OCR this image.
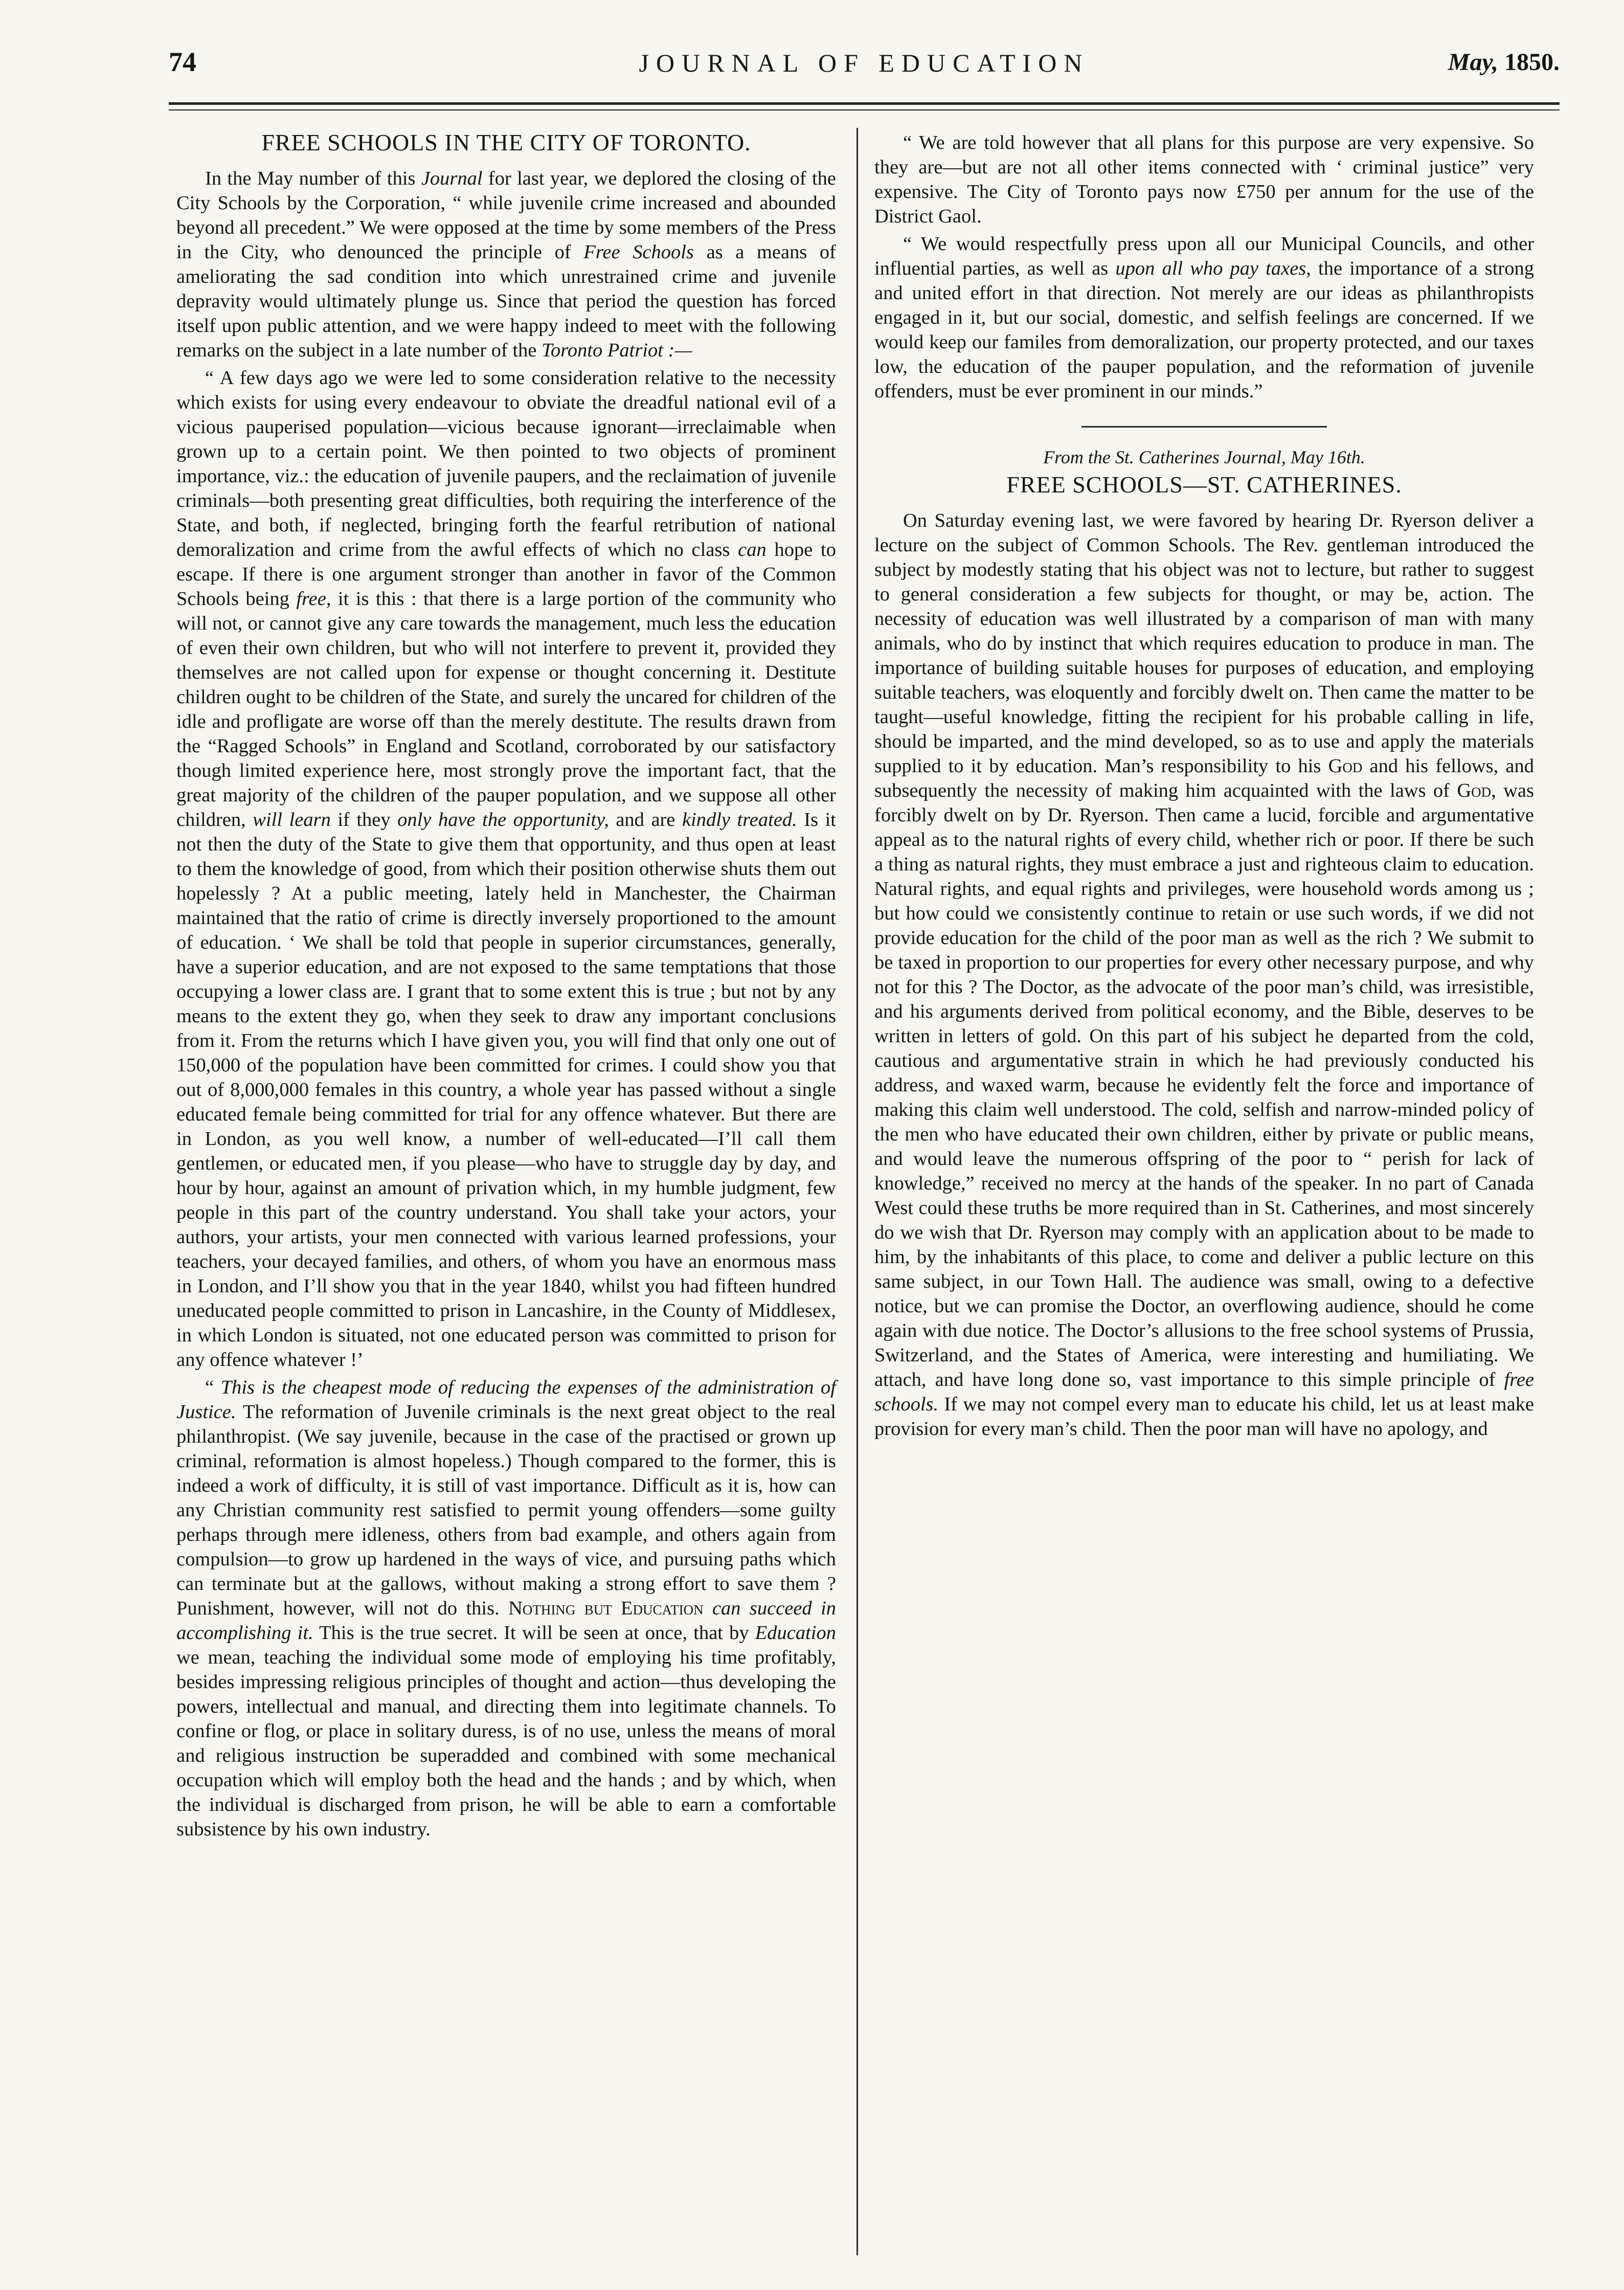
74	JOURNAL OF EDUCATION	May, 1850.
FREE SCHOOLS IN THE CITY OF TORONTO.

In the May number of this Journal for last year, we deplored the closing of the City Schools by the Corporation, “ while juvenile crime increased and abounded beyond all precedent.” We were opposed at the time by some members of the Press in the City, who denounced the principle of Free Schools as a means of ameliorating the sad condition into which unrestrained crime and juvenile depravity would ultimately plunge us. Since that period the question has forced itself upon public attention, and we were happy indeed to meet with the following remarks on the subject in a late number of the Toronto Patriot :—

“ A few days ago we were led to some consideration relative to the necessity which exists for using every endeavour to obviate the dreadful national evil of a vicious pauperised population—vicious because ignorant—irreclaimable when grown up to a certain point. We then pointed to two objects of prominent importance, viz.: the education of juvenile paupers, and the reclaimation of juvenile criminals—both presenting great difficulties, both requiring the interference of the State, and both, if neglected, bringing forth the fearful retribution of national demoralization and crime from the awful effects of which no class can hope to escape. If there is one argument stronger than another in favor of the Common Schools being free, it is this : that there is a large portion of the community who will not, or cannot give any care towards the management, much less the education of even their own children, but who will not interfere to prevent it, provided they themselves are not called upon for expense or thought concerning it. Destitute children ought to be children of the State, and surely the uncared for children of the idle and profligate are worse off than the merely destitute. The results drawn from the “Ragged Schools” in England and Scotland, corroborated by our satisfactory though limited experience here, most strongly prove the important fact, that the great majority of the children of the pauper population, and we suppose all other children, will learn if they only have the opportunity, and are kindly treated. Is it not then the duty of the State to give them that opportunity, and thus open at least to them the knowledge of good, from which their position otherwise shuts them out hopelessly ? At a public meeting, lately held in Manchester, the Chairman maintained that the ratio of crime is directly inversely proportioned to the amount of education. ‘ We shall be told that people in superior circumstances, generally, have a superior education, and are not exposed to the same temptations that those occupying a lower class are. I grant that to some extent this is true ; but not by any means to the extent they go, when they seek to draw any important conclusions from it. From the returns which I have given you, you will find that only one out of 150,000 of the population have been committed for crimes. I could show you that out of 8,000,000 females in this country, a whole year has passed without a single educated female being committed for trial for any offence whatever. But there are in London, as you well know, a number of well-educated—I’ll call them gentlemen, or educated men, if you please—who have to struggle day by day, and hour by hour, against an amount of privation which, in my humble judgment, few people in this part of the country understand. You shall take your actors, your authors, your artists, your men connected with various learned professions, your teachers, your decayed families, and others, of whom you have an enormous mass in London, and I’ll show you that in the year 1840, whilst you had fifteen hundred uneducated people committed to prison in Lancashire, in the County of Middlesex, in which London is situated, not one educated person was committed to prison for any offence whatever !’

“ This is the cheapest mode of reducing the expenses of the administration of Justice. The reformation of Juvenile criminals is the next great object to the real philanthropist. (We say juvenile, because in the case of the practised or grown up criminal, reformation is almost hopeless.) Though compared to the former, this is indeed a work of difficulty, it is still of vast importance. Difficult as it is, how can any Christian community rest satisfied to permit young offenders—some guilty perhaps through mere idleness, others from bad example, and others again from compulsion—to grow up hardened in the ways of vice, and pursuing paths which can terminate but at the gallows, without making a strong effort to save them ? Punishment, however, will not do this. Nothing but Education can succeed in accomplishing it. This is the true secret. It will be seen at once, that by Education we mean, teaching the individual some mode of employing his time profitably, besides impressing religious principles of thought and action—thus developing the powers, intellectual and manual, and directing them into legitimate channels. To confine or flog, or place in solitary duress, is of no use, unless the means of moral and religious instruction be superadded and combined with some mechanical occupation which will employ both the head and the hands ; and by which, when the individual is discharged from prison, he will be able to earn a comfortable subsistence by his own industry.

“ We are told however that all plans for this purpose are very expensive. So they are—but are not all other items connected with ‘ criminal justice” very expensive. The City of Toronto pays now £750 per annum for the use of the District Gaol.

“ We would respectfully press upon all our Municipal Councils, and other influential parties, as well as upon all who pay taxes, the importance of a strong and united effort in that direction. Not merely are our ideas as philanthropists engaged in it, but our social, domestic, and selfish feelings are concerned. If we would keep our familes from demoralization, our property protected, and our taxes low, the education of the pauper population, and the reformation of juvenile offenders, must be ever prominent in our minds.”

From the St. Catherines Journal, May 16th.
FREE SCHOOLS—ST. CATHERINES.

On Saturday evening last, we were favored by hearing Dr. Ryerson deliver a lecture on the subject of Common Schools. The Rev. gentleman introduced the subject by modestly stating that his object was not to lecture, but rather to suggest to general consideration a few subjects for thought, or may be, action. The necessity of education was well illustrated by a comparison of man with many animals, who do by instinct that which requires education to produce in man. The importance of building suitable houses for purposes of education, and employing suitable teachers, was eloquently and forcibly dwelt on. Then came the matter to be taught—useful knowledge, fitting the recipient for his probable calling in life, should be imparted, and the mind developed, so as to use and apply the materials supplied to it by education. Man’s responsibility to his God and his fellows, and subsequently the necessity of making him acquainted with the laws of God, was forcibly dwelt on by Dr. Ryerson. Then came a lucid, forcible and argumentative appeal as to the natural rights of every child, whether rich or poor. If there be such a thing as natural rights, they must embrace a just and righteous claim to education. Natural rights, and equal rights and privileges, were household words among us ; but how could we consistently continue to retain or use such words, if we did not provide education for the child of the poor man as well as the rich ? We submit to be taxed in proportion to our properties for every other necessary purpose, and why not for this ? The Doctor, as the advocate of the poor man’s child, was irresistible, and his arguments derived from political economy, and the Bible, deserves to be written in letters of gold. On this part of his subject he departed from the cold, cautious and argumentative strain in which he had previously conducted his address, and waxed warm, because he evidently felt the force and importance of making this claim well understood. The cold, selfish and narrow-minded policy of the men who have educated their own children, either by private or public means, and would leave the numerous offspring of the poor to “ perish for lack of knowledge,” received no mercy at the hands of the speaker. In no part of Canada West could these truths be more required than in St. Catherines, and most sincerely do we wish that Dr. Ryerson may comply with an application about to be made to him, by the inhabitants of this place, to come and deliver a public lecture on this same subject, in our Town Hall. The audience was small, owing to a defective notice, but we can promise the Doctor, an overflowing audience, should he come again with due notice. The Doctor’s allusions to the free school systems of Prussia, Switzerland, and the States of America, were interesting and humiliating. We attach, and have long done so, vast importance to this simple principle of free schools. If we may not compel every man to educate his child, let us at least make provision for every man’s child. Then the poor man will have no apology, and
